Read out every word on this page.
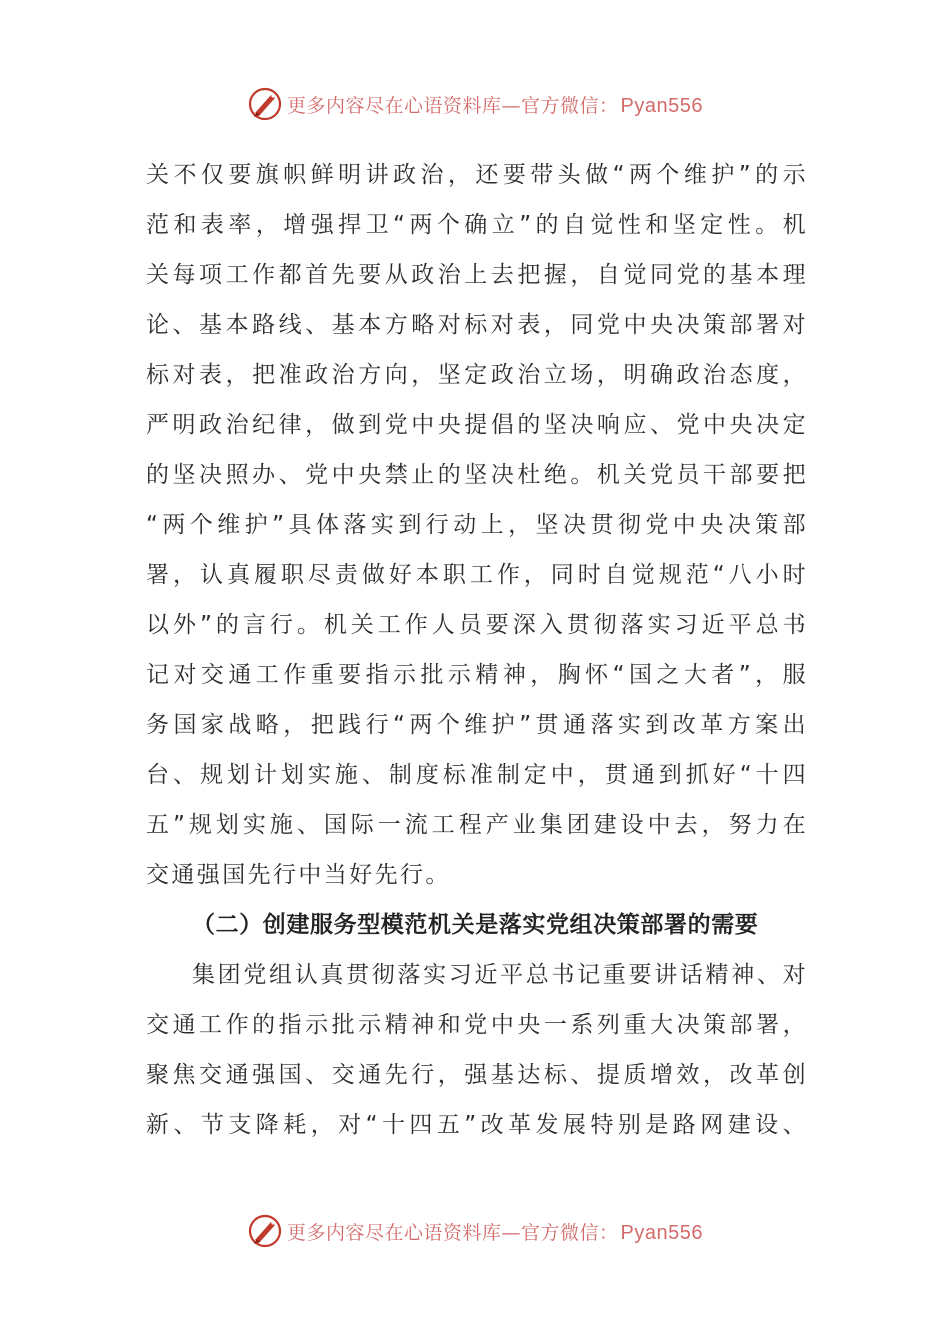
更多内容尽在心语资料库—官方微信： Pyan556
关不仅要旗帜鲜明讲政治，还要带头做“两个维护”的示
范和表率，增强捍卫“两个确立”的自觉性和坚定性。机
关每项工作都首先要从政治上去把握，自觉同党的基本理
论、基本路线、基本方略对标对表，同党中央决策部署对
标对表，把准政治方向，坚定政治立场，明确政治态度，
严明政治纪律，做到党中央提倡的坚决响应、党中央决定
的坚决照办、党中央禁止的坚决杜绝。机关党员干部要把
“两个维护”具体落实到行动上，坚决贯彻党中央决策部
署，认真履职尽责做好本职工作，同时自觉规范“八小时
以外”的言行。机关工作人员要深入贯彻落实习近平总书
记对交通工作重要指示批示精神，胸怀“国之大者”，服
务国家战略，把践行“两个维护”贯通落实到改革方案出
台、规划计划实施、制度标准制定中，贯通到抓好“十四
五”规划实施、国际一流工程产业集团建设中去，努力在
交通强国先行中当好先行。
（二）创建服务型模范机关是落实党组决策部署的需要
集团党组认真贯彻落实习近平总书记重要讲话精神、对
交通工作的指示批示精神和党中央一系列重大决策部署，
聚焦交通强国、交通先行，强基达标、提质增效，改革创
新、节支降耗，对“十四五”改革发展特别是路网建设、
更多内容尽在心语资料库—官方微信： Pyan556
